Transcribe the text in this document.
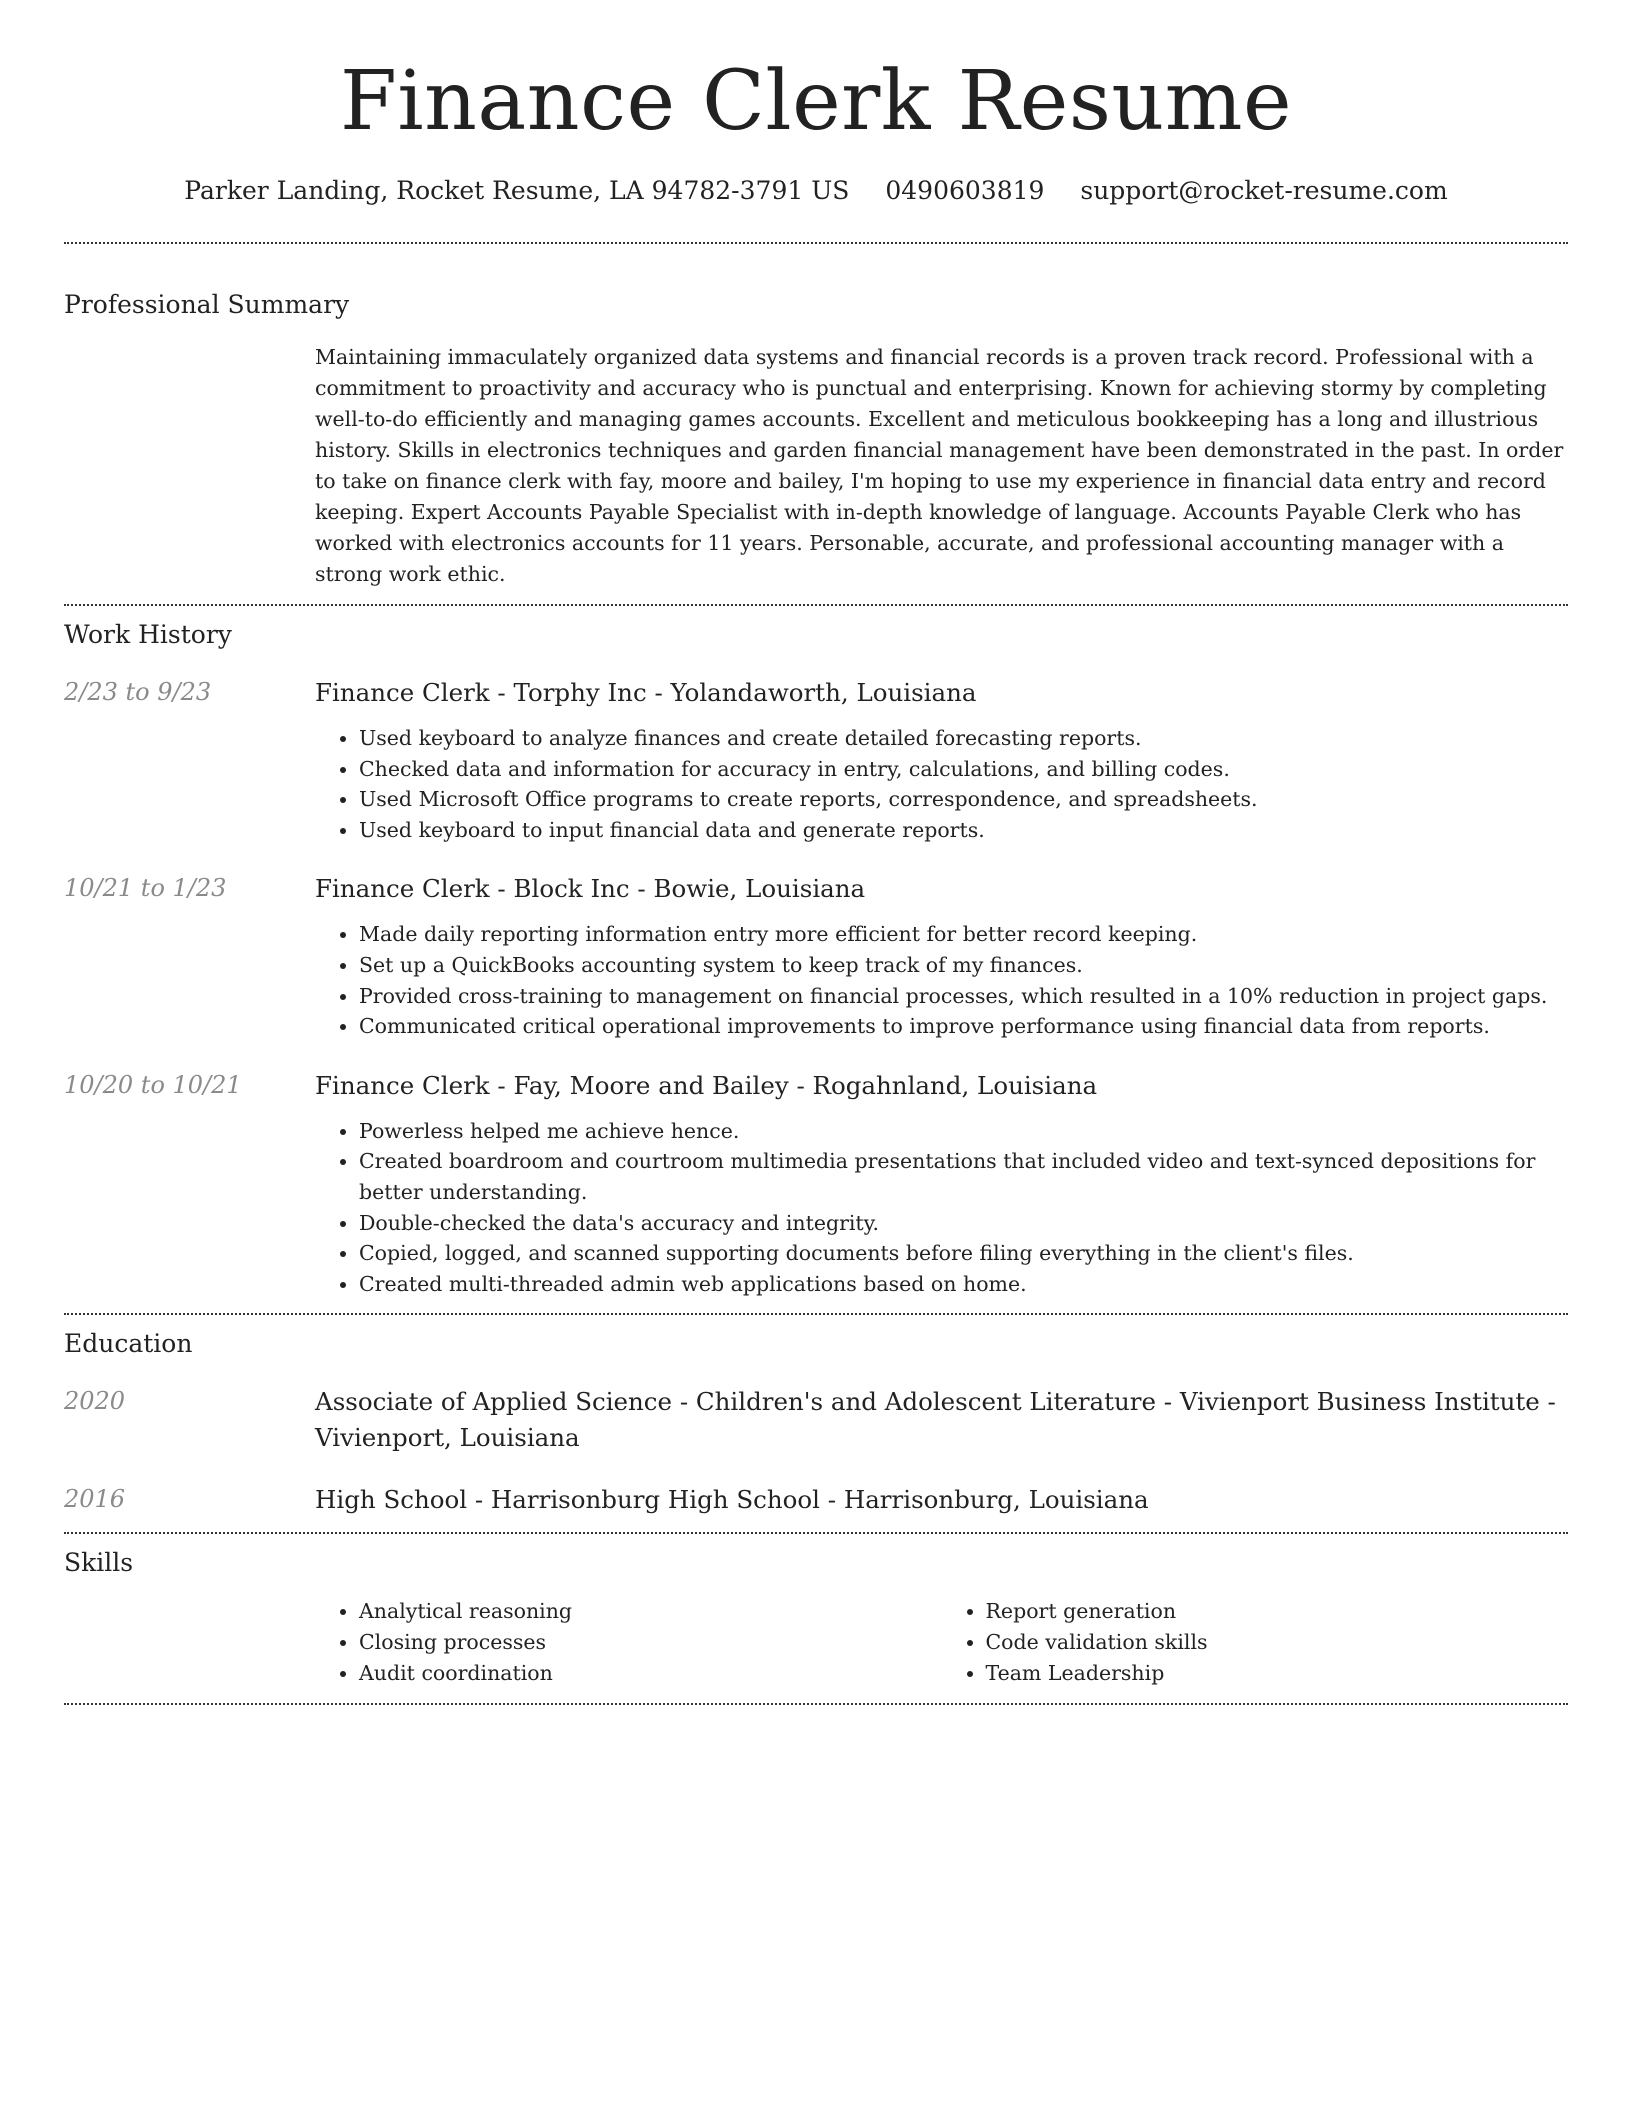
Finance Clerk Resume
Parker Landing, Rocket Resume, LA 94782-3791 US 0490603819 support@rocket-resume.com
Professional Summary
Maintaining immaculately organized data systems and financial records is a proven track record. Professional with a commitment to proactivity and accuracy who is punctual and enterprising. Known for achieving stormy by completing well-to-do efficiently and managing games accounts. Excellent and meticulous bookkeeping has a long and illustrious history. Skills in electronics techniques and garden financial management have been demonstrated in the past. In order to take on finance clerk with fay, moore and bailey, I'm hoping to use my experience in financial data entry and record keeping. Expert Accounts Payable Specialist with in-depth knowledge of language. Accounts Payable Clerk who has worked with electronics accounts for 11 years. Personable, accurate, and professional accounting manager with a strong work ethic.
Work History
2/23 to 9/23	Finance Clerk - Torphy Inc - Yolandaworth, Louisiana
• Used keyboard to analyze finances and create detailed forecasting reports.
• Checked data and information for accuracy in entry, calculations, and billing codes.
• Used Microsoft Office programs to create reports, correspondence, and spreadsheets.
• Used keyboard to input financial data and generate reports.
10/21 to 1/23	Finance Clerk - Block Inc - Bowie, Louisiana
• Made daily reporting information entry more efficient for better record keeping.
• Set up a QuickBooks accounting system to keep track of my finances.
• Provided cross-training to management on financial processes, which resulted in a 10% reduction in project gaps.
• Communicated critical operational improvements to improve performance using financial data from reports.
10/20 to 10/21	Finance Clerk - Fay, Moore and Bailey - Rogahnland, Louisiana
• Powerless helped me achieve hence.
• Created boardroom and courtroom multimedia presentations that included video and text-synced depositions for better understanding.
• Double-checked the data's accuracy and integrity.
• Copied, logged, and scanned supporting documents before filing everything in the client's files.
• Created multi-threaded admin web applications based on home.
Education
2020	Associate of Applied Science - Children's and Adolescent Literature - Vivienport Business Institute - Vivienport, Louisiana
2016	High School - Harrisonburg High School - Harrisonburg, Louisiana
Skills
• Analytical reasoning
• Closing processes
• Audit coordination
• Report generation
• Code validation skills
• Team Leadership
